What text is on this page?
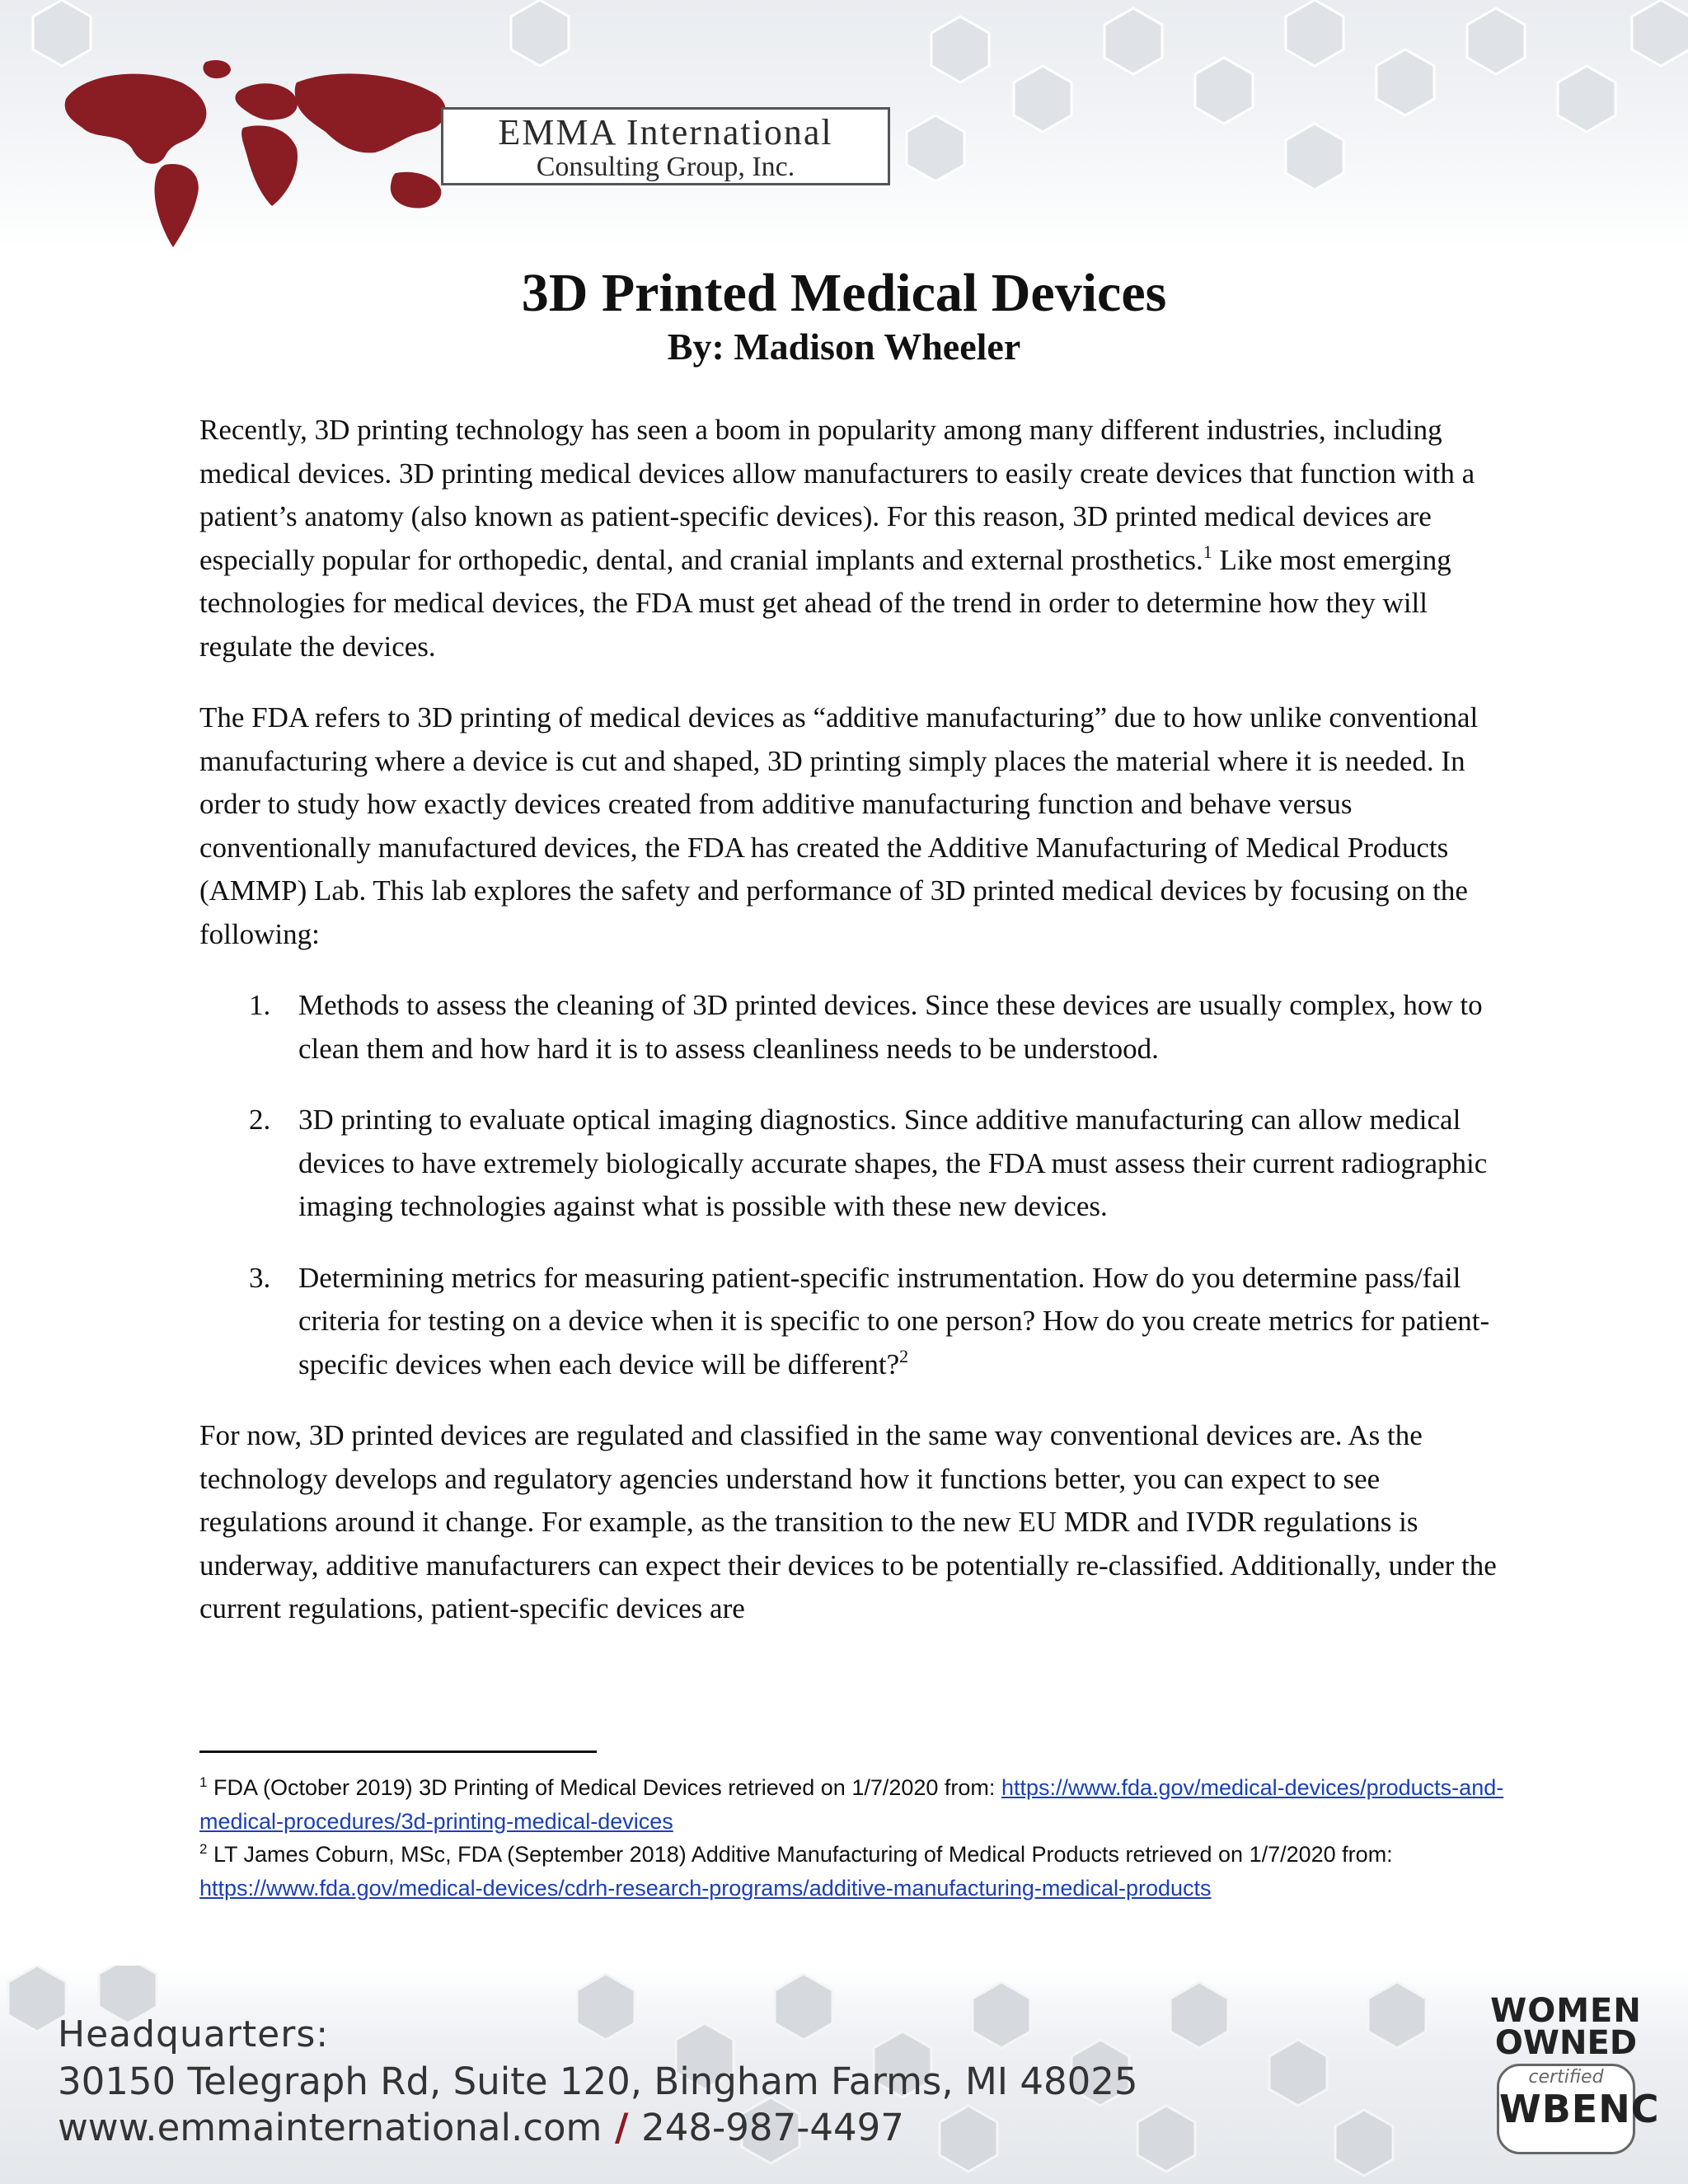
EMMA International
Consulting Group, Inc.
3D Printed Medical Devices
By: Madison Wheeler

Recently, 3D printing technology has seen a boom in popularity among many different industries, including medical devices. 3D printing medical devices allow manufacturers to easily create devices that function with a patient’s anatomy (also known as patient-specific devices). For this reason, 3D printed medical devices are especially popular for orthopedic, dental, and cranial implants and external prosthetics.$^1$ Like most emerging technologies for medical devices, the FDA must get ahead of the trend in order to determine how they will regulate the devices.

The FDA refers to 3D printing of medical devices as “additive manufacturing” due to how unlike conventional manufacturing where a device is cut and shaped, 3D printing simply places the material where it is needed. In order to study how exactly devices created from additive manufacturing function and behave versus conventionally manufactured devices, the FDA has created the Additive Manufacturing of Medical Products (AMMP) Lab. This lab explores the safety and performance of 3D printed medical devices by focusing on the following:

1. Methods to assess the cleaning of 3D printed devices. Since these devices are usually complex, how to clean them and how hard it is to assess cleanliness needs to be understood.
2. 3D printing to evaluate optical imaging diagnostics. Since additive manufacturing can allow medical devices to have extremely biologically accurate shapes, the FDA must assess their current radiographic imaging technologies against what is possible with these new devices.
3. Determining metrics for measuring patient-specific instrumentation. How do you determine pass/fail criteria for testing on a device when it is specific to one person? How do you create metrics for patient-specific devices when each device will be different?$^2$

For now, 3D printed devices are regulated and classified in the same way conventional devices are. As the technology develops and regulatory agencies understand how it functions better, you can expect to see regulations around it change. For example, as the transition to the new EU MDR and IVDR regulations is underway, additive manufacturers can expect their devices to be potentially re-classified. Additionally, under the current regulations, patient-specific devices are

$^1$ FDA (October 2019) 3D Printing of Medical Devices retrieved on 1/7/2020 from: https://www.fda.gov/medical-devices/products-and-medical-procedures/3d-printing-medical-devices
$^2$ LT James Coburn, MSc, FDA (September 2018) Additive Manufacturing of Medical Products retrieved on 1/7/2020 from: https://www.fda.gov/medical-devices/cdrh-research-programs/additive-manufacturing-medical-products
Headquarters:
30150 Telegraph Rd, Suite 120, Bingham Farms, MI 48025
www.emmainternational.com / 248-987-4497
WOMEN
OWNED
certified
WBENC
